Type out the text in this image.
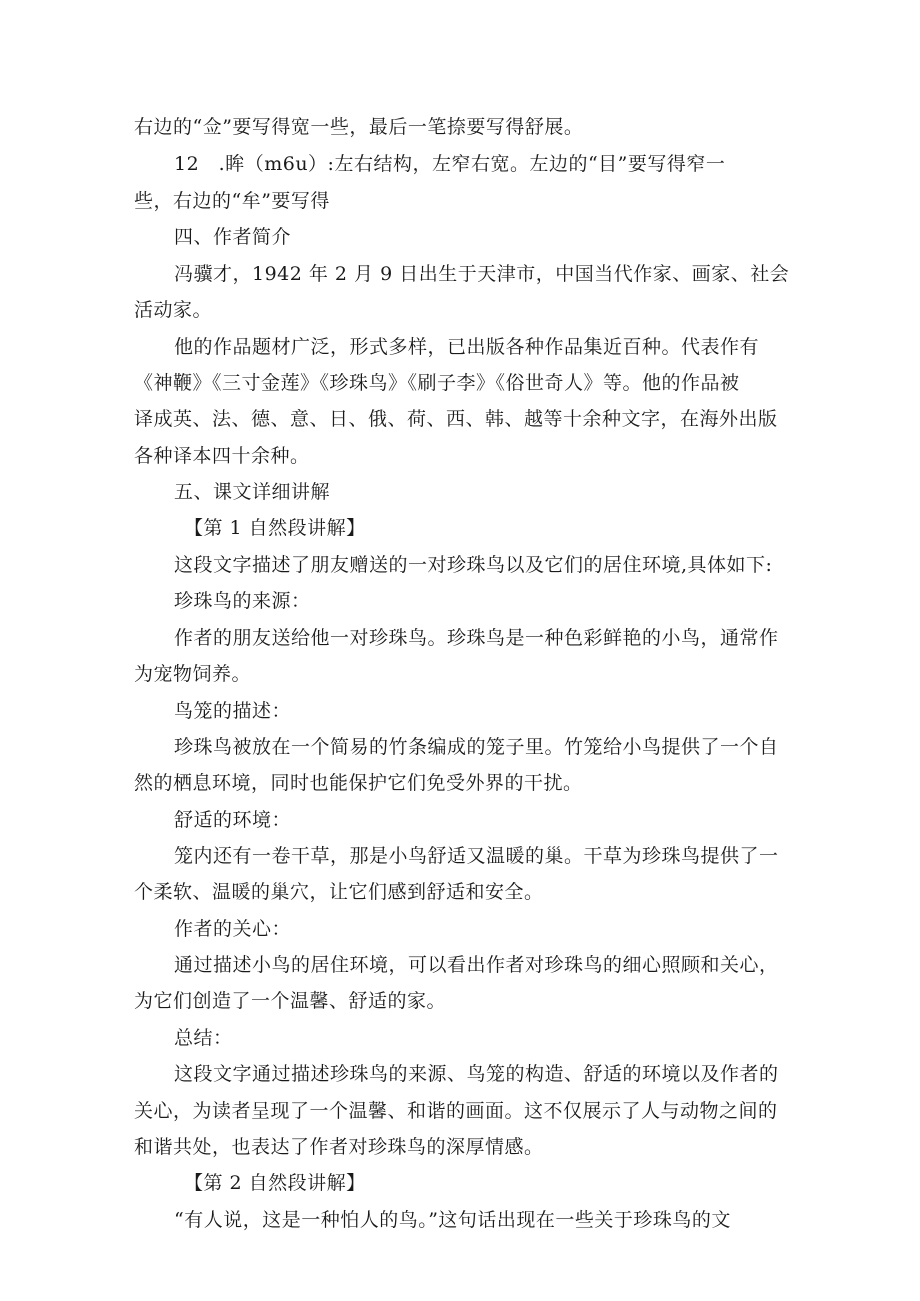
右边的“佥”要写得宽一些，最后一笔捺要写得舒展。
12　.眸（m6u）:左右结构，左窄右宽。左边的“目”要写得窄一
些，右边的“牟”要写得
四、作者简介
冯骥才，1942 年 2 月 9 日出生于天津市，中国当代作家、画家、社会
活动家。
他的作品题材广泛，形式多样，已出版各种作品集近百种。代表作有
《神鞭》《三寸金莲》《珍珠鸟》《刷子李》《俗世奇人》等。他的作品被
译成英、法、德、意、日、俄、荷、西、韩、越等十余种文字，在海外出版
各种译本四十余种。
五、课文详细讲解
【第 1 自然段讲解】
这段文字描述了朋友赠送的一对珍珠鸟以及它们的居住环境,具体如下:
珍珠鸟的来源：
作者的朋友送给他一对珍珠鸟。珍珠鸟是一种色彩鲜艳的小鸟，通常作
为宠物饲养。
鸟笼的描述：
珍珠鸟被放在一个简易的竹条编成的笼子里。竹笼给小鸟提供了一个自
然的栖息环境，同时也能保护它们免受外界的干扰。
舒适的环境：
笼内还有一卷干草，那是小鸟舒适又温暖的巢。干草为珍珠鸟提供了一
个柔软、温暖的巢穴，让它们感到舒适和安全。
作者的关心：
通过描述小鸟的居住环境，可以看出作者对珍珠鸟的细心照顾和关心，
为它们创造了一个温馨、舒适的家。
总结：
这段文字通过描述珍珠鸟的来源、鸟笼的构造、舒适的环境以及作者的
关心，为读者呈现了一个温馨、和谐的画面。这不仅展示了人与动物之间的
和谐共处，也表达了作者对珍珠鸟的深厚情感。
【第 2 自然段讲解】
“有人说，这是一种怕人的鸟。”这句话出现在一些关于珍珠鸟的文
